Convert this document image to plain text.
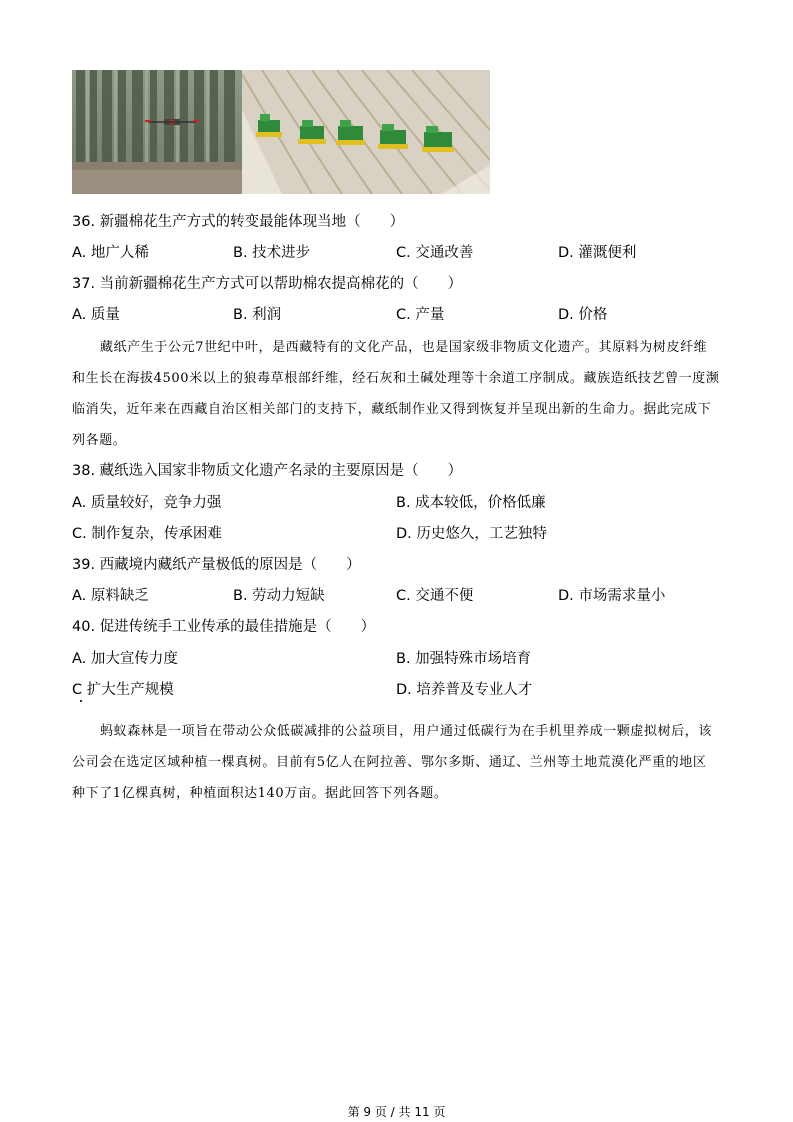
36. 新疆棉花生产方式的转变最能体现当地（　　）
A. 地广人稀	B. 技术进步	C. 交通改善	D. 灌溉便利
37. 当前新疆棉花生产方式可以帮助棉农提高棉花的（　　）
A. 质量	B. 利润	C. 产量	D. 价格

藏纸产生于公元7世纪中叶，是西藏特有的文化产品，也是国家级非物质文化遗产。其原料为树皮纤维和生长在海拔4500米以上的狼毒草根部纤维，经石灰和土碱处理等十余道工序制成。藏族造纸技艺曾一度濒临消失，近年来在西藏自治区相关部门的支持下，藏纸制作业又得到恢复并呈现出新的生命力。据此完成下列各题。

38. 藏纸选入国家非物质文化遗产名录的主要原因是（　　）
A. 质量较好，竞争力强	B. 成本较低，价格低廉
C. 制作复杂，传承困难	D. 历史悠久，工艺独特
39. 西藏境内藏纸产量极低的原因是（　　）
A. 原料缺乏	B. 劳动力短缺	C. 交通不便	D. 市场需求量小
40. 促进传统手工业传承的最佳措施是（　　）
A. 加大宣传力度	B. 加强特殊市场培育
C 扩大生产规模	D. 培养普及专业人才

蚂蚁森林是一项旨在带动公众低碳减排的公益项目，用户通过低碳行为在手机里养成一颗虚拟树后，该公司会在选定区域种植一棵真树。目前有5亿人在阿拉善、鄂尔多斯、通辽、兰州等土地荒漠化严重的地区种下了1亿棵真树，种植面积达140万亩。据此回答下列各题。

第 9 页 / 共 11 页
